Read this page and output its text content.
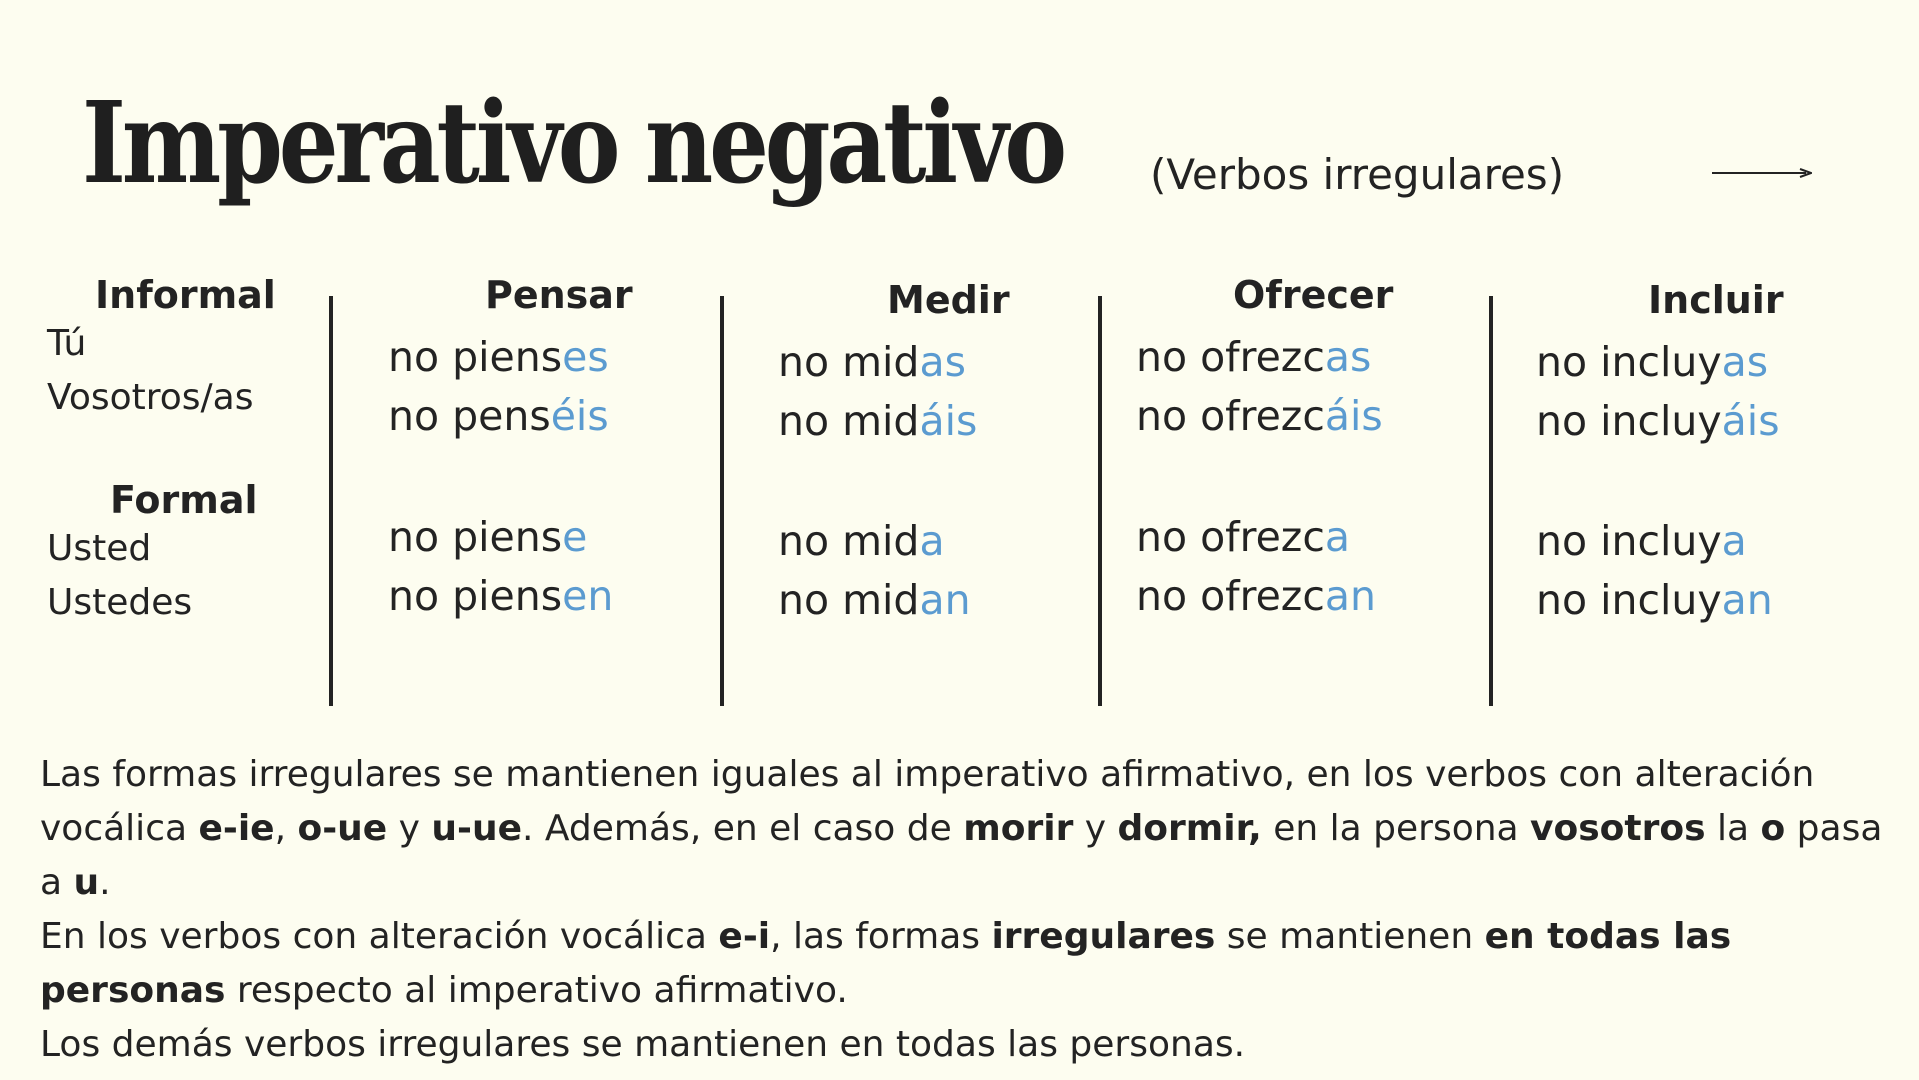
Imperativo negativo (Verbos irregulares)
Informal
Tú
Vosotros/as
Formal
Usted
Ustedes
Pensar
no pienses
no penséis
no piense
no piensen
Medir
no midas
no midáis
no mida
no midan
Ofrecer
no ofrezcas
no ofrezcáis
no ofrezca
no ofrezcan
Incluir
no incluyas
no incluyáis
no incluya
no incluyan

Las formas irregulares se mantienen iguales al imperativo afirmativo, en los verbos con alteración vocálica e-ie, o-ue y u-ue. Además, en el caso de morir y dormir, en la persona vosotros la o pasa a u.

En los verbos con alteración vocálica e-i, las formas irregulares se mantienen en todas las personas respecto al imperativo afirmativo.

Los demás verbos irregulares se mantienen en todas las personas.
